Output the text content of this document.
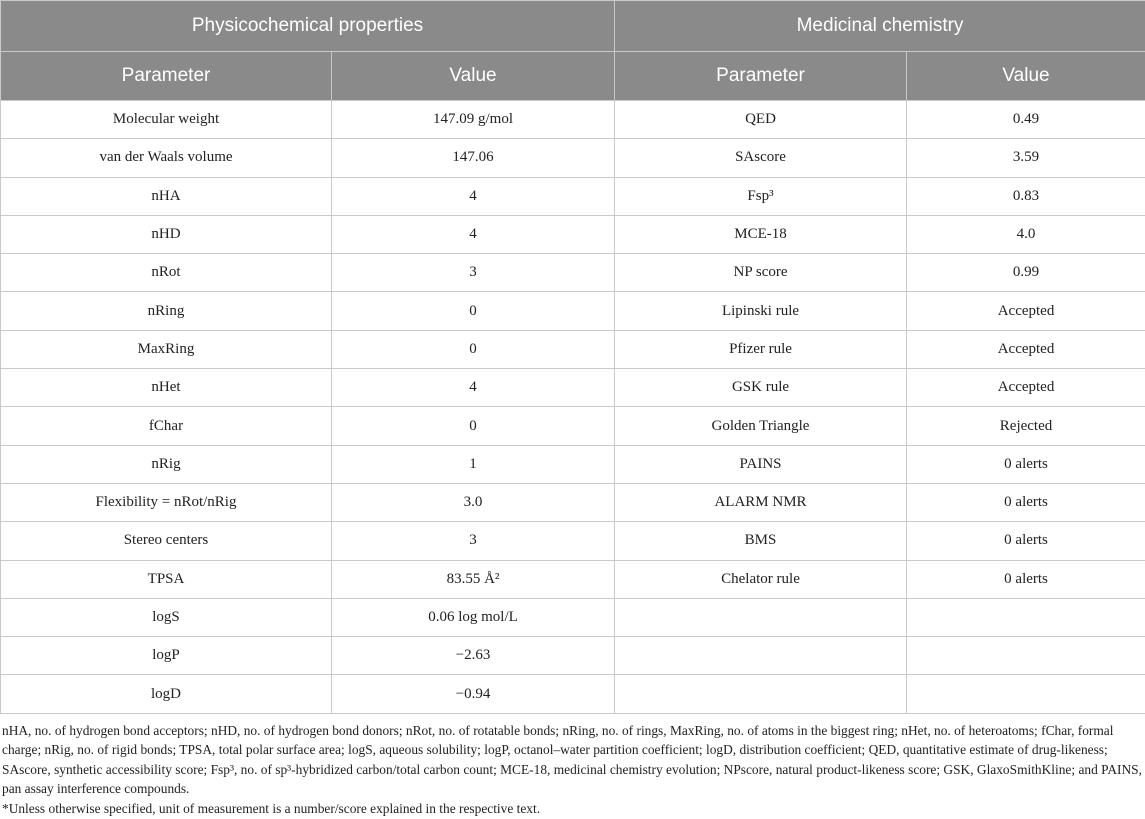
Physicochemical properties		Medicinal chemistry	
Parameter	Value	Parameter	Value
Molecular weight	147.09 g/mol	QED	0.49
van der Waals volume	147.06	SAscore	3.59
nHA	4	Fsp³	0.83
nHD	4	MCE-18	4.0
nRot	3	NP score	0.99
nRing	0	Lipinski rule	Accepted
MaxRing	0	Pfizer rule	Accepted
nHet	4	GSK rule	Accepted
fChar	0	Golden Triangle	Rejected
nRig	1	PAINS	0 alerts
Flexibility = nRot/nRig	3.0	ALARM NMR	0 alerts
Stereo centers	3	BMS	0 alerts
TPSA	83.55 Å²	Chelator rule	0 alerts
logS	0.06 log mol/L		
logP	−2.63		
logD	−0.94		

nHA, no. of hydrogen bond acceptors; nHD, no. of hydrogen bond donors; nRot, no. of rotatable bonds; nRing, no. of rings, MaxRing, no. of atoms in the biggest ring; nHet, no. of heteroatoms; fChar, formal charge; nRig, no. of rigid bonds; TPSA, total polar surface area; logS, aqueous solubility; logP, octanol–water partition coefficient; logD, distribution coefficient; QED, quantitative estimate of drug-likeness; SAscore, synthetic accessibility score; Fsp³, no. of sp³-hybridized carbon/total carbon count; MCE-18, medicinal chemistry evolution; NPscore, natural product-likeness score; GSK, GlaxoSmithKline; and PAINS, pan assay interference compounds.

*Unless otherwise specified, unit of measurement is a number/score explained in the respective text.
